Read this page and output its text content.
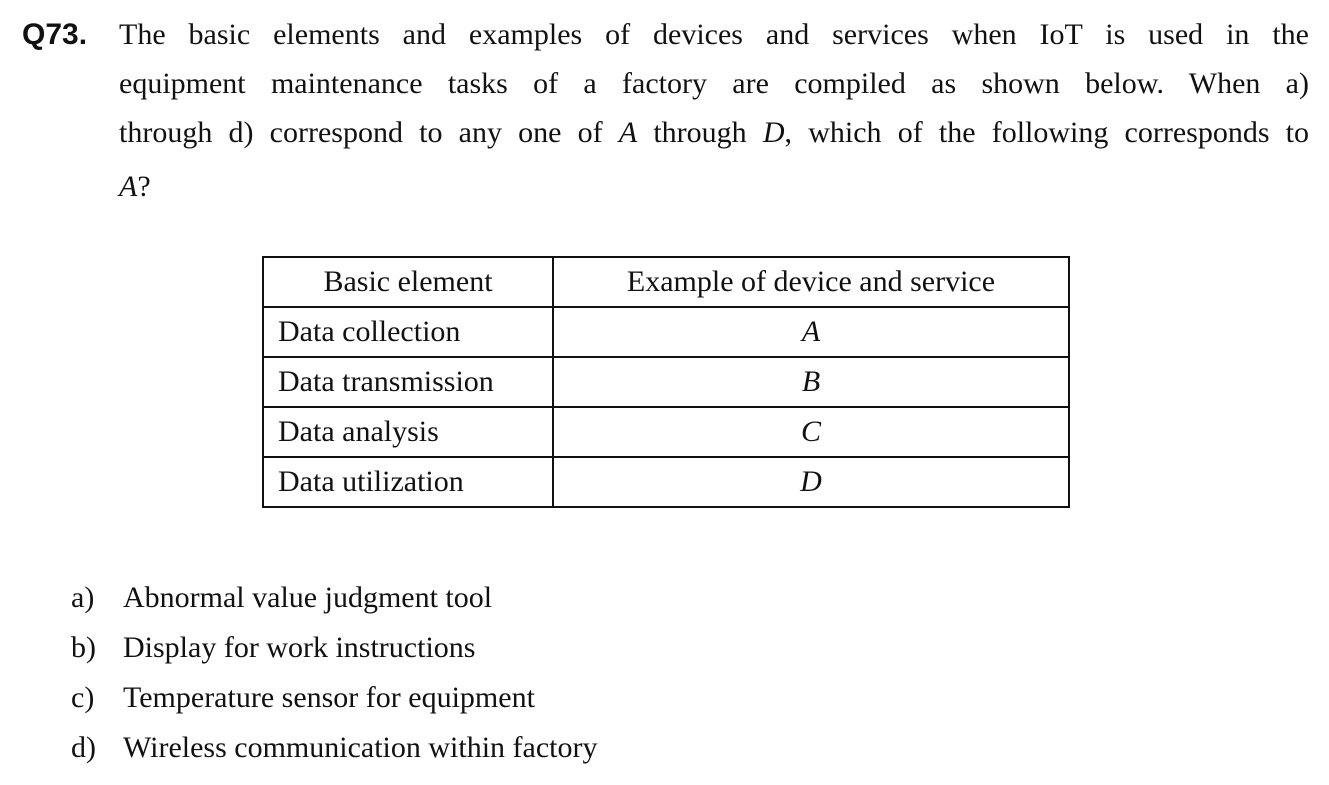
Q73. The basic elements and examples of devices and services when IoT is used in the
equipment maintenance tasks of a factory are compiled as shown below. When a)
through d) correspond to any one of A through D, which of the following corresponds to
A?
Basic element	Example of device and service
Data collection	A
Data transmission	B
Data analysis	C
Data utilization	D
a) Abnormal value judgment tool
b) Display for work instructions
c) Temperature sensor for equipment
d) Wireless communication within factory
